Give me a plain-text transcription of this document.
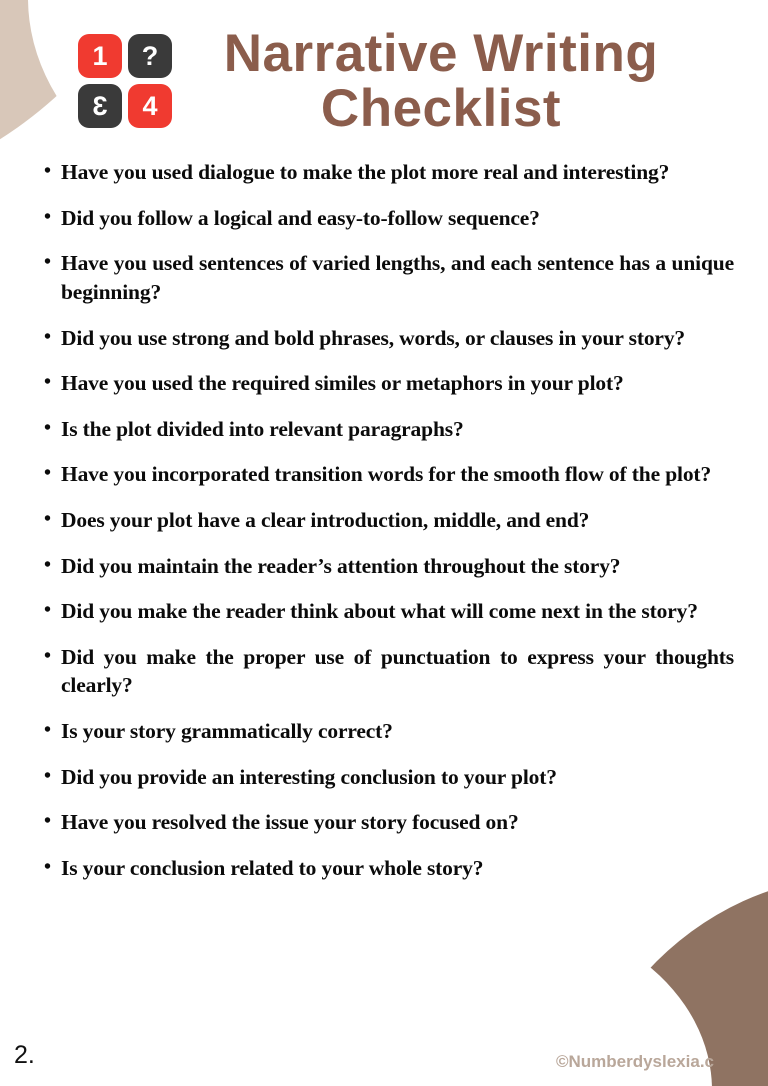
1	?
3	4
Narrative Writing
Checklist
• Have you used dialogue to make the plot more real and interesting?
• Did you follow a logical and easy-to-follow sequence?
• Have you used sentences of varied lengths, and each sentence has a unique beginning?
• Did you use strong and bold phrases, words, or clauses in your story?
• Have you used the required similes or metaphors in your plot?
• Is the plot divided into relevant paragraphs?
• Have you incorporated transition words for the smooth flow of the plot?
• Does your plot have a clear introduction, middle, and end?
• Did you maintain the reader’s attention throughout the story?
• Did you make the reader think about what will come next in the story?
• Did you make the proper use of punctuation to express your thoughts clearly?
• Is your story grammatically correct?
• Did you provide an interesting conclusion to your plot?
• Have you resolved the issue your story focused on?
• Is your conclusion related to your whole story?
2.	©Numberdyslexia.c
